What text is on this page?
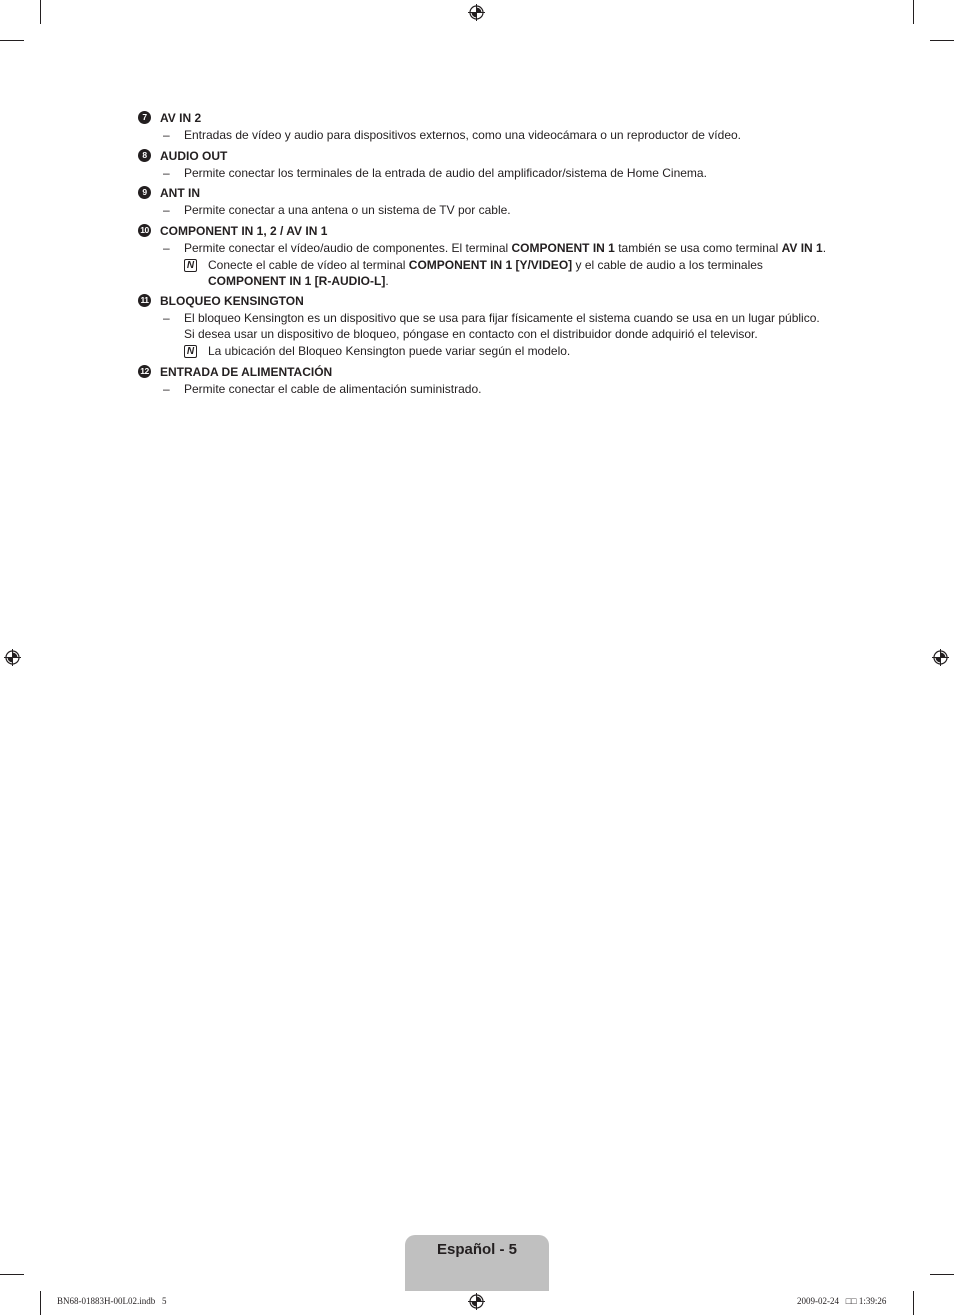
7	AV IN 2
– Entradas de vídeo y audio para dispositivos externos, como una videocámara o un reproductor de vídeo.
8	AUDIO OUT
– Permite conectar los terminales de la entrada de audio del amplificador/sistema de Home Cinema.
9	ANT IN
– Permite conectar a una antena o un sistema de TV por cable.
10 COMPONENT IN 1, 2 / AV IN 1
– Permite conectar el vídeo/audio de componentes. El terminal COMPONENT IN 1 también se usa como terminal AV IN 1.
N Conecte el cable de vídeo al terminal COMPONENT IN 1 [Y/VIDEO] y el cable de audio a los terminales
COMPONENT IN 1 [R-AUDIO-L].
11 BLOQUEO KENSINGTON
– El bloqueo Kensington es un dispositivo que se usa para fijar físicamente el sistema cuando se usa en un lugar público.
Si desea usar un dispositivo de bloqueo, póngase en contacto con el distribuidor donde adquirió el televisor.
N La ubicación del Bloqueo Kensington puede variar según el modelo.
12 ENTRADA DE ALIMENTACIÓN
– Permite conectar el cable de alimentación suministrado.
Español - 5
BN68-01883H-00L02.indb   5	2009-02-24   □□ 1:39:26
